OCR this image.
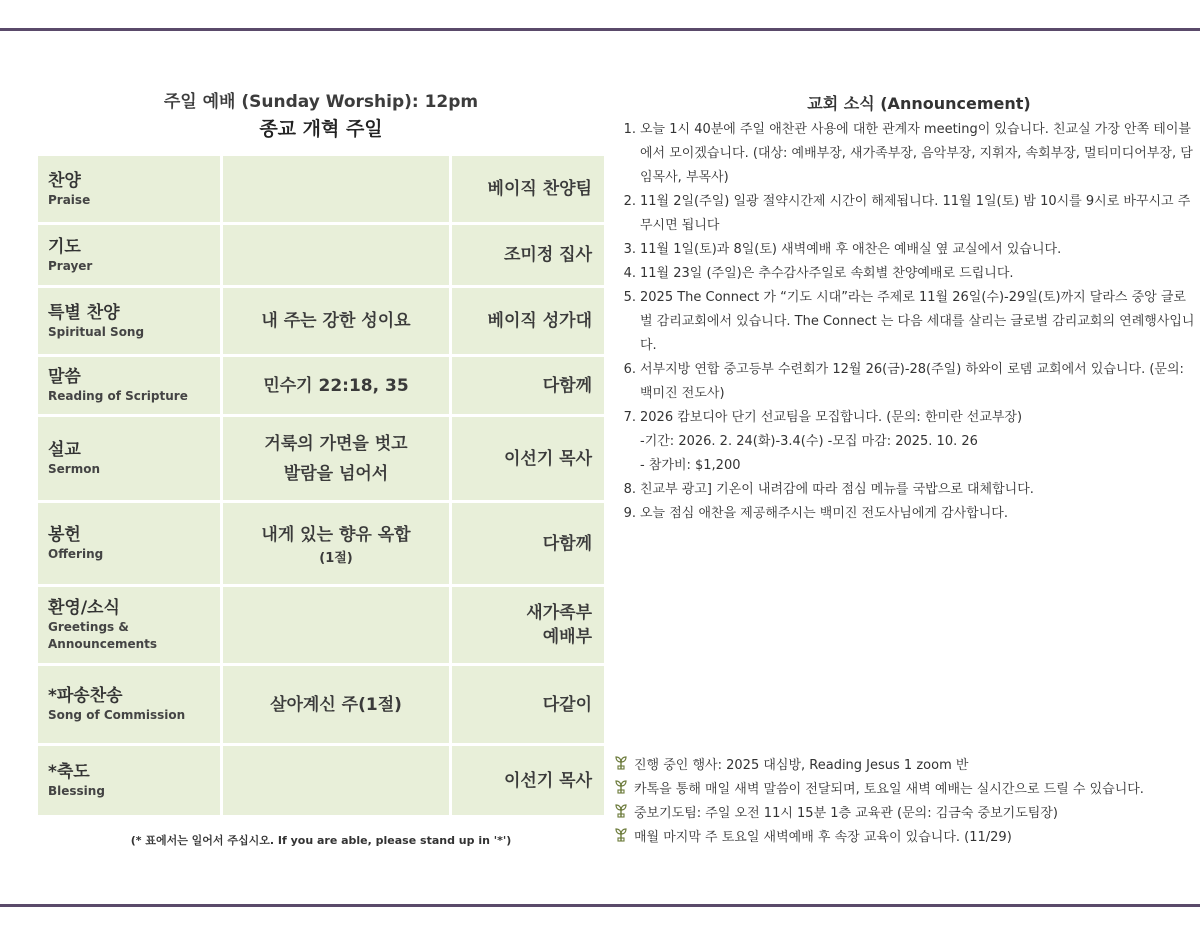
주일 예배 (Sunday Worship): 12pm
종교 개혁 주일
찬양
Praise		베이직 찬양팀

기도
Prayer		조미정 집사

특별 찬양
Spiritual Song	내 주는 강한 성이요	베이직 성가대

말씀
Reading of Scripture	민수기 22:18, 35	다함께

설교
Sermon	거룩의 가면을 벗고
발람을 넘어서	이선기 목사

봉헌
Offering	내게 있는 향유 옥합
(1절)	다함께

환영/소식
Greetings &
Announcements		새가족부
예배부

*파송찬송
Song of Commission	살아계신 주(1절)	다같이

*축도
Blessing		이선기 목사
(* 표에서는 일어서 주십시오. If you are able, please stand up in '*')
교회 소식 (Announcement)
1. 오늘 1시 40분에 주일 애찬관 사용에 대한 관계자 meeting이 있습니다. 친교실 가장 안쪽 테이블에서 모이겠습니다. (대상: 예배부장, 새가족부장, 음악부장, 지휘자, 속회부장, 멀티미디어부장, 담임목사, 부목사)
2. 11월 2일(주일) 일광 절약시간제 시간이 해제됩니다. 11월 1일(토) 밤 10시를 9시로 바꾸시고 주무시면 됩니다
3. 11월 1일(토)과 8일(토) 새벽예배 후 애찬은 예배실 옆 교실에서 있습니다.
4. 11월 23일 (주일)은 추수감사주일로 속회별 찬양예배로 드립니다.
5. 2025 The Connect 가 “기도 시대”라는 주제로 11월 26일(수)-29일(토)까지 달라스 중앙 글로벌 감리교회에서 있습니다. The Connect 는 다음 세대를 살리는 글로벌 감리교회의 연례행사입니다.
6. 서부지방 연합 중고등부 수련회가 12월 26(금)-28(주일) 하와이 로뎀 교회에서 있습니다. (문의: 백미진 전도사)
7. 2026 캄보디아 단기 선교팀을 모집합니다. (문의: 한미란 선교부장)
-기간: 2026. 2. 24(화)-3.4(수) -모집 마감: 2025. 10. 26
- 참가비: $1,200
8. 친교부 광고] 기온이 내려감에 따라 점심 메뉴를 국밥으로 대체합니다.
9. 오늘 점심 애찬을 제공해주시는 백미진 전도사님에게 감사합니다.
진행 중인 행사: 2025 대심방, Reading Jesus 1 zoom 반
카톡을 통해 매일 새벽 말씀이 전달되며, 토요일 새벽 예배는 실시간으로 드릴 수 있습니다.
중보기도팀: 주일 오전 11시 15분 1층 교육관 (문의: 김금숙 중보기도팀장)
매월 마지막 주 토요일 새벽예배 후 속장 교육이 있습니다. (11/29)
